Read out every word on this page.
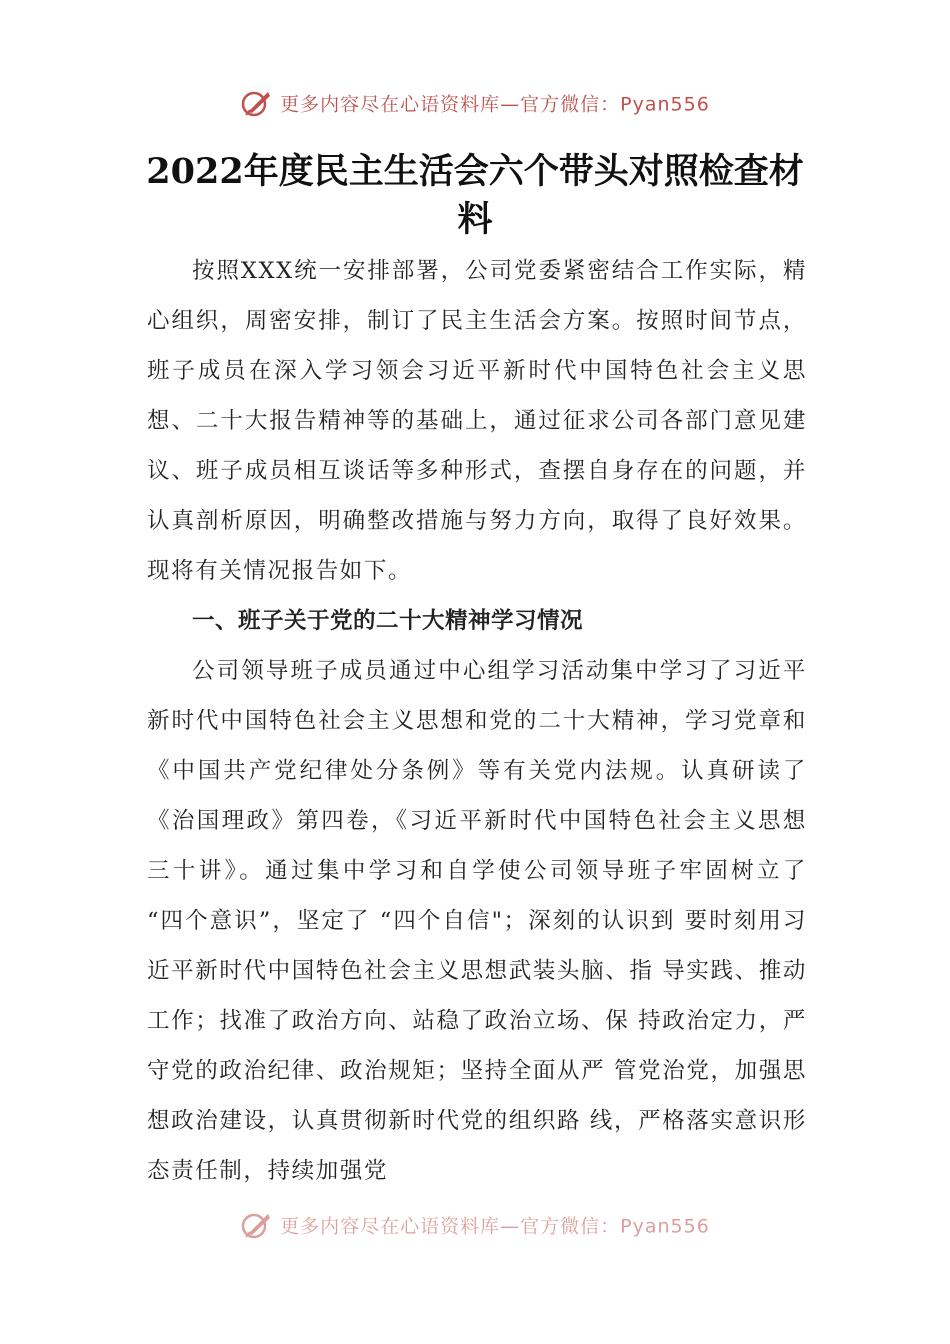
更多内容尽在心语资料库—官方微信：Pyan556
2022年度民主生活会六个带头对照检查材料

按照XXX统一安排部署，公司党委紧密结合工作实际，精心组织，周密安排，制订了民主生活会方案。按照时间节点，班子成员在深入学习领会习近平新时代中国特色社会主义思想、二十大报告精神等的基础上，通过征求公司各部门意见建议、班子成员相互谈话等多种形式，查摆自身存在的问题，并认真剖析原因，明确整改措施与努力方向，取得了良好效果。现将有关情况报告如下。

一、班子关于党的二十大精神学习情况

公司领导班子成员通过中心组学习活动集中学习了习近平新时代中国特色社会主义思想和党的二十大精神，学习党章和《中国共产党纪律处分条例》等有关党内法规。认真研读了《治国理政》第四卷，《习近平新时代中国特色社会主义思想三十讲》。通过集中学习和自学使公司领导班子牢固树立了 “四个意识”，坚定了 “四个自信"；深刻的认识到 要时刻用习近平新时代中国特色社会主义思想武装头脑、指 导实践、推动工作；找准了政治方向、站稳了政治立场、保 持政治定力，严守党的政治纪律、政治规矩；坚持全面从严 管党治党，加强思想政治建设，认真贯彻新时代党的组织路 线，严格落实意识形态责任制，持续加强党

更多内容尽在心语资料库—官方微信：Pyan556
